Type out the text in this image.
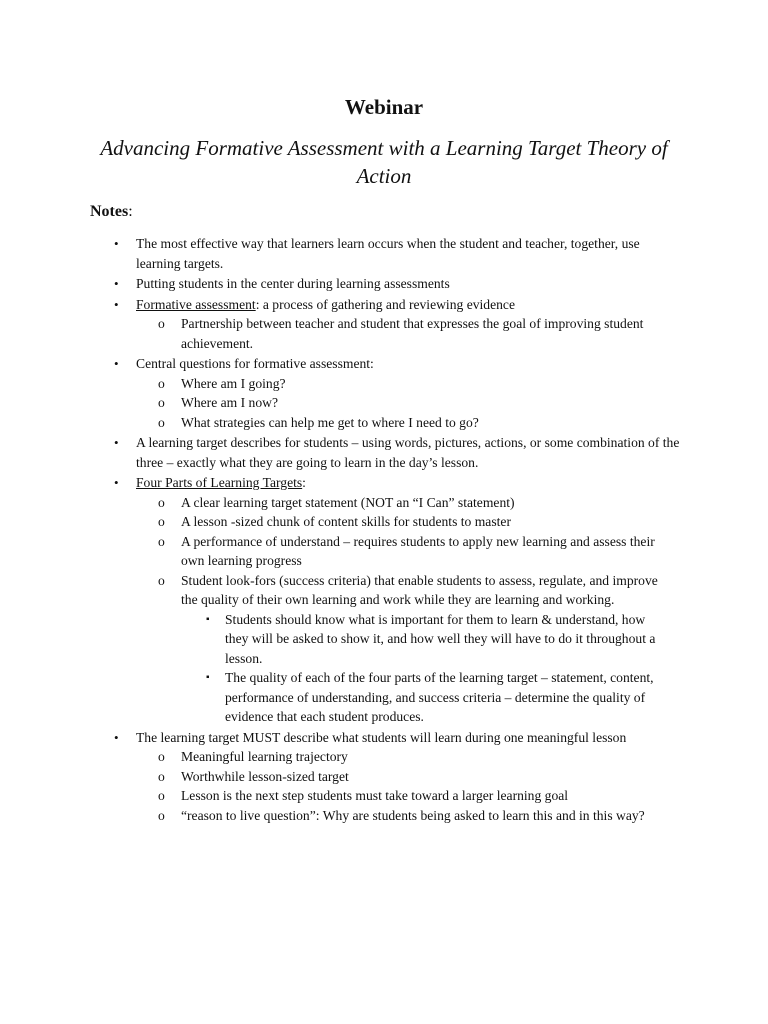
Webinar
Advancing Formative Assessment with a Learning Target Theory of Action
Notes:
• The most effective way that learners learn occurs when the student and teacher, together, use learning targets.
• Putting students in the center during learning assessments
• Formative assessment: a process of gathering and reviewing evidence
o Partnership between teacher and student that expresses the goal of improving student achievement.
• Central questions for formative assessment:
o Where am I going?
o Where am I now?
o What strategies can help me get to where I need to go?
• A learning target describes for students – using words, pictures, actions, or some combination of the three – exactly what they are going to learn in the day’s lesson.
• Four Parts of Learning Targets:
o A clear learning target statement (NOT an “I Can” statement)
o A lesson -sized chunk of content skills for students to master
o A performance of understand – requires students to apply new learning and assess their own learning progress
o Student look-fors (success criteria) that enable students to assess, regulate, and improve the quality of their own learning and work while they are learning and working.
▪ Students should know what is important for them to learn & understand, how they will be asked to show it, and how well they will have to do it throughout a lesson.
▪ The quality of each of the four parts of the learning target – statement, content, performance of understanding, and success criteria – determine the quality of evidence that each student produces.
• The learning target MUST describe what students will learn during one meaningful lesson
o Meaningful learning trajectory
o Worthwhile lesson-sized target
o Lesson is the next step students must take toward a larger learning goal
o “reason to live question”: Why are students being asked to learn this and in this way?
